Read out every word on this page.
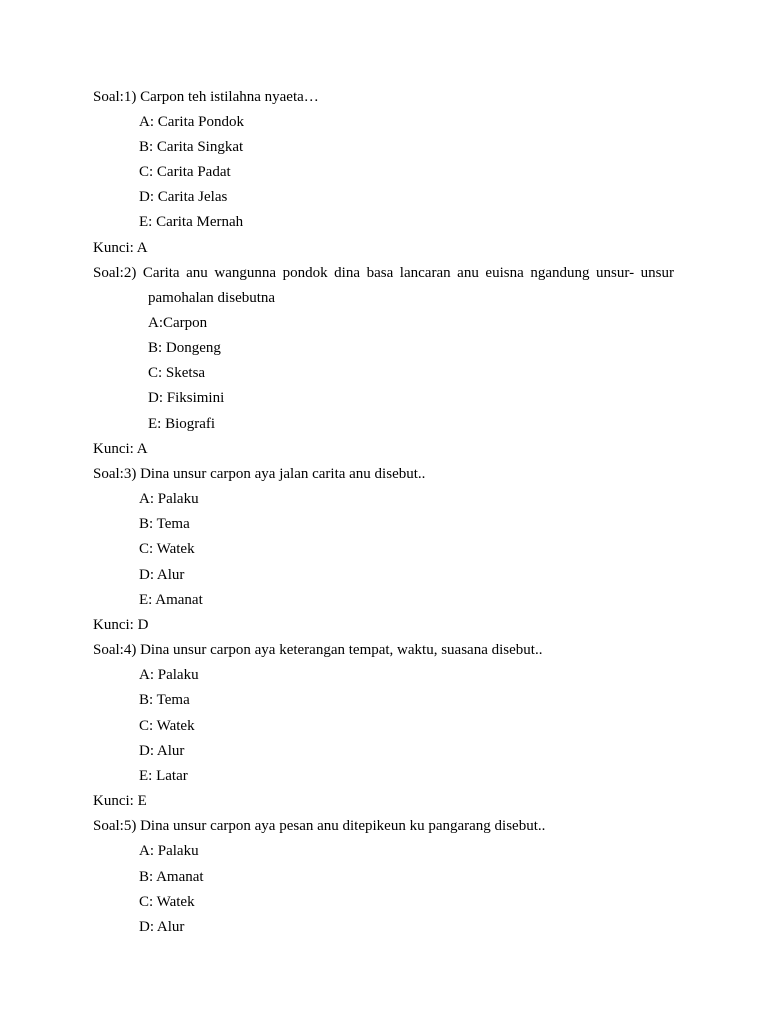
Soal:1) Carpon teh istilahna nyaeta…
A: Carita Pondok
B: Carita Singkat
C: Carita Padat
D: Carita Jelas
E: Carita Mernah
Kunci: A
Soal:2) Carita anu wangunna pondok dina basa lancaran anu euisna ngandung unsur- unsur
pamohalan disebutna
A:Carpon
B: Dongeng
C: Sketsa
D: Fiksimini
E: Biografi
Kunci: A
Soal:3) Dina unsur carpon aya jalan carita anu disebut..
A: Palaku
B: Tema
C: Watek
D: Alur
E: Amanat
Kunci: D
Soal:4) Dina unsur carpon aya keterangan tempat, waktu, suasana disebut..
A: Palaku
B: Tema
C: Watek
D: Alur
E: Latar
Kunci: E
Soal:5) Dina unsur carpon aya pesan anu ditepikeun ku pangarang disebut..
A: Palaku
B: Amanat
C: Watek
D: Alur
